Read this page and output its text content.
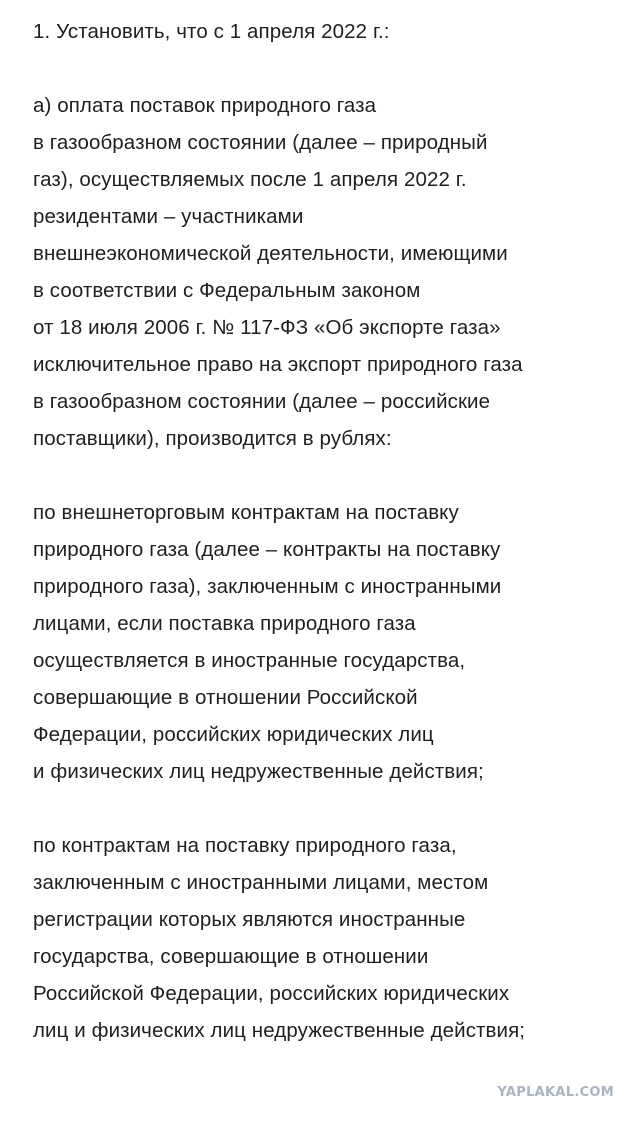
1. Установить, что с 1 апреля 2022 г.:
а) оплата поставок природного газа
в газообразном состоянии (далее – природный
газ), осуществляемых после 1 апреля 2022 г.
резидентами – участниками
внешнеэкономической деятельности, имеющими
в соответствии с Федеральным законом
от 18 июля 2006 г. № 117-ФЗ «Об экспорте газа»
исключительное право на экспорт природного газа
в газообразном состоянии (далее – российские
поставщики), производится в рублях:
по внешнеторговым контрактам на поставку
природного газа (далее – контракты на поставку
природного газа), заключенным с иностранными
лицами, если поставка природного газа
осуществляется в иностранные государства,
совершающие в отношении Российской
Федерации, российских юридических лиц
и физических лиц недружественные действия;
по контрактам на поставку природного газа,
заключенным с иностранными лицами, местом
регистрации которых являются иностранные
государства, совершающие в отношении
Российской Федерации, российских юридических
лиц и физических лиц недружественные действия;
YAPLAKAL.COM
